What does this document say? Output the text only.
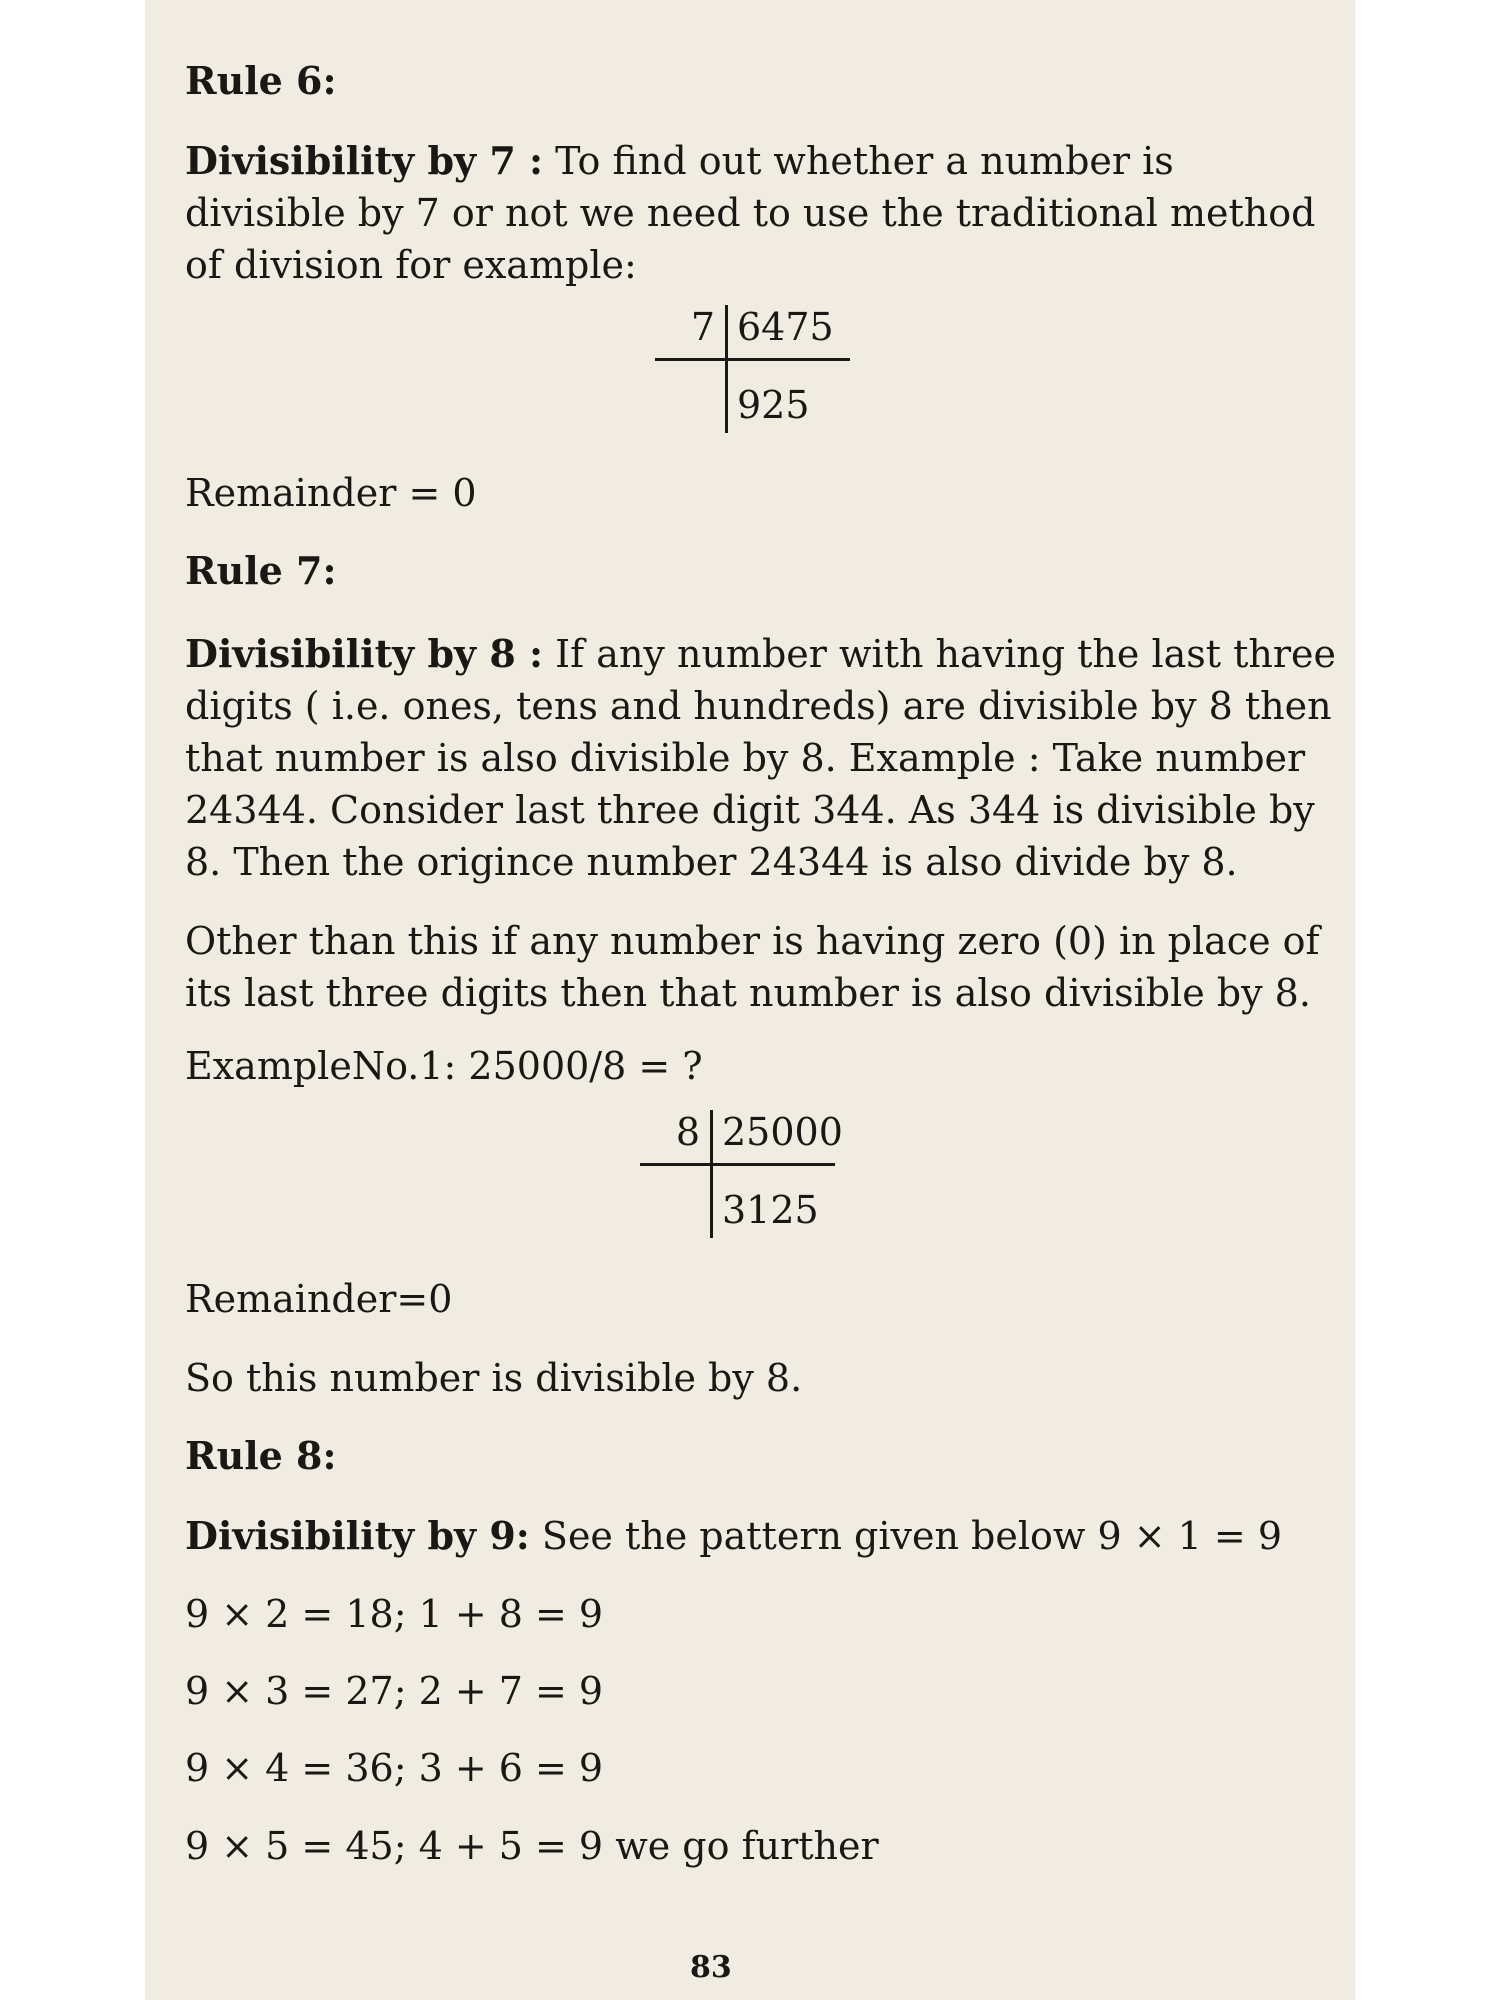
Rule 6:

Divisibility by 7 : To find out whether a number is divisible by 7 or not we need to use the traditional method of division for example:

7 6475
925
Remainder = 0
Rule 7:

Divisibility by 8 : If any number with having the last three digits ( i.e. ones, tens and hundreds) are divisible by 8 then that number is also divisible by 8. Example : Take number 24344. Consider last three digit 344. As 344 is divisible by 8. Then the origince number 24344 is also divide by 8.

Other than this if any number is having zero (0) in place of its last three digits then that number is also divisible by 8.

ExampleNo.1: 25000/8 = ?
8 25000
3125
Remainder=0
So this number is divisible by 8.
Rule 8:

Divisibility by 9: See the pattern given below 9 × 1 = 9

9 × 2 = 18; 1 + 8 = 9
9 × 3 = 27; 2 + 7 = 9
9 × 4 = 36; 3 + 6 = 9
9 × 5 = 45; 4 + 5 = 9 we go further
83
